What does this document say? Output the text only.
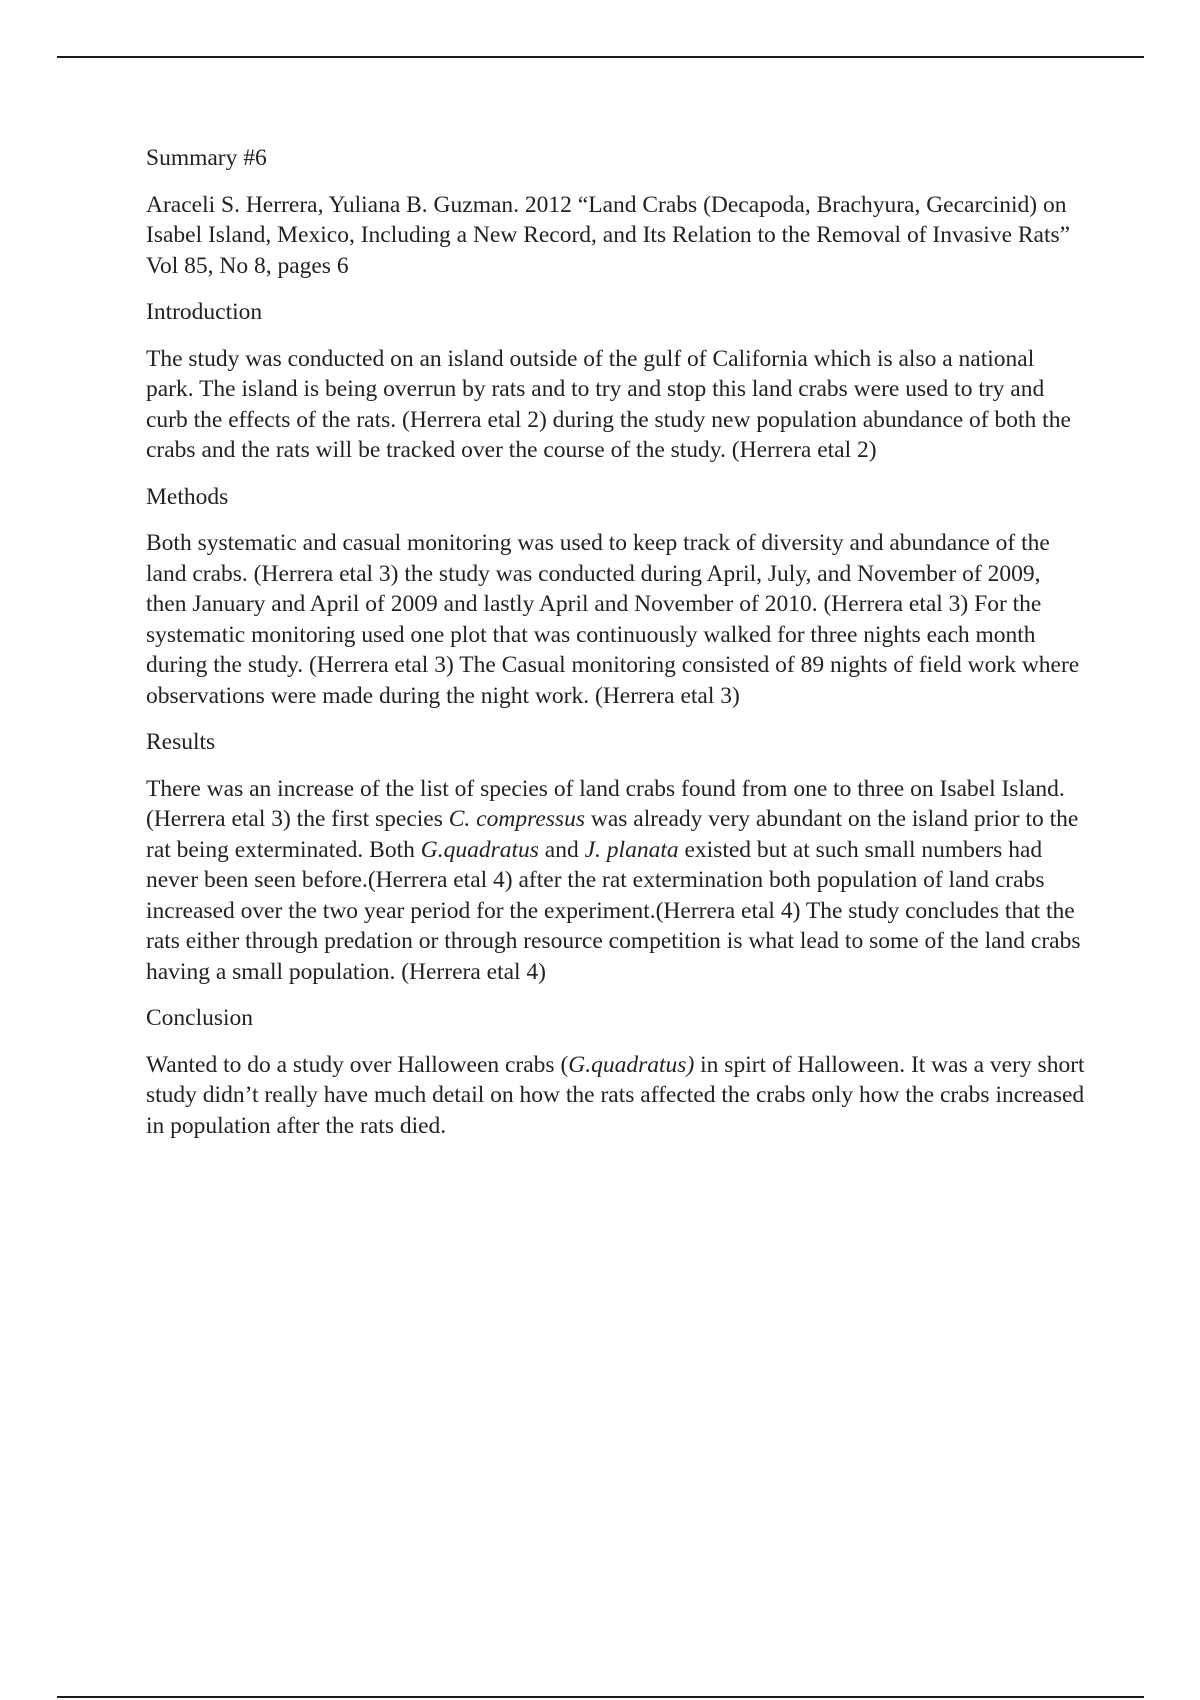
Summary #6

Araceli S. Herrera, Yuliana B. Guzman. 2012 “Land Crabs (Decapoda, Brachyura, Gecarcinid) on Isabel Island, Mexico, Including a New Record, and Its Relation to the Removal of Invasive Rats” Vol 85, No 8, pages 6

Introduction

The study was conducted on an island outside of the gulf of California which is also a national park. The island is being overrun by rats and to try and stop this land crabs were used to try and curb the effects of the rats. (Herrera etal 2) during the study new population abundance of both the crabs and the rats will be tracked over the course of the study. (Herrera etal 2)

Methods

Both systematic and casual monitoring was used to keep track of diversity and abundance of the land crabs. (Herrera etal 3) the study was conducted during April, July, and November of 2009, then January and April of 2009 and lastly April and November of 2010. (Herrera etal 3) For the systematic monitoring used one plot that was continuously walked for three nights each month during the study. (Herrera etal 3) The Casual monitoring consisted of 89 nights of field work where observations were made during the night work. (Herrera etal 3)

Results

There was an increase of the list of species of land crabs found from one to three on Isabel Island. (Herrera etal 3) the first species C. compressus was already very abundant on the island prior to the rat being exterminated. Both G.quadratus and J. planata existed but at such small numbers had never been seen before.(Herrera etal 4) after the rat extermination both population of land crabs increased over the two year period for the experiment.(Herrera etal 4) The study concludes that the rats either through predation or through resource competition is what lead to some of the land crabs having a small population. (Herrera etal 4)

Conclusion

Wanted to do a study over Halloween crabs (G.quadratus) in spirt of Halloween. It was a very short study didn’t really have much detail on how the rats affected the crabs only how the crabs increased in population after the rats died.
